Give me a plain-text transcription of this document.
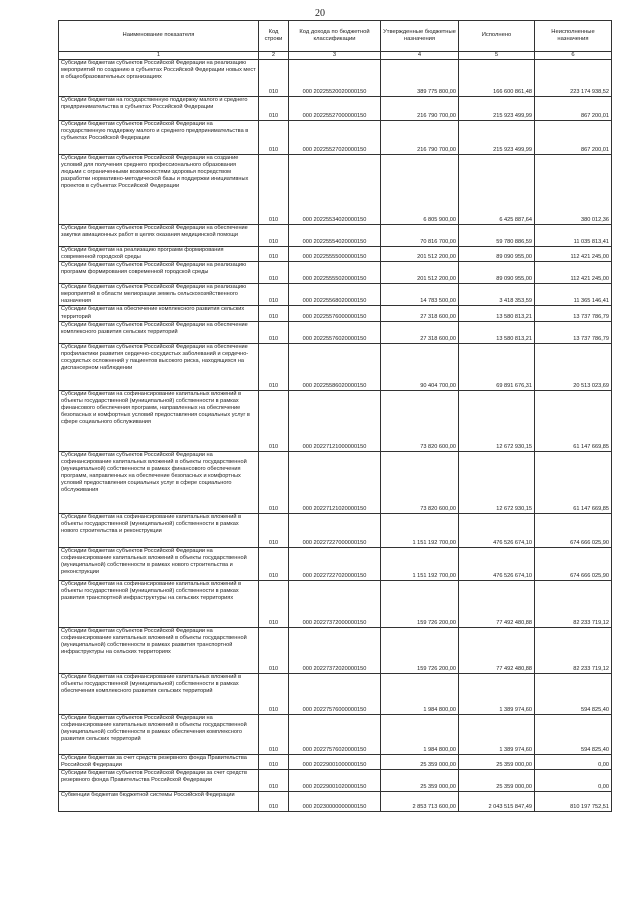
20
Наименование показателя	Код строки	Код дохода по бюджетной классификации	Утвержденные бюджетные назначения	Исполнено	Неисполненные назначения
1	2	3	4	5	6
Субсидии бюджетам субъектов Российской Федерации на реализацию мероприятий по созданию в субъектах Российской Федерации новых мест в общеобразовательных организациях	010	000 20225520020000150	389 775 800,00	166 600 861,48	223 174 938,52
Субсидии бюджетам на государственную поддержку малого и среднего предпринимательства в субъектах Российской Федерации	010	000 20225527000000150	216 790 700,00	215 923 499,99	867 200,01
Субсидии бюджетам субъектов Российской Федерации на государственную поддержку малого и среднего предпринимательства в субъектах Российской Федерации	010	000 20225527020000150	216 790 700,00	215 923 499,99	867 200,01
Субсидии бюджетам субъектов Российской Федерации на создание условий для получения среднего профессионального образования людьми с ограниченными возможностями здоровья посредством разработки нормативно-методической базы и поддержки инициативных проектов в субъектах Российской Федерации	010	000 20225534020000150	6 805 900,00	6 425 887,64	380 012,36
Субсидии бюджетам субъектов Российской Федерации на обеспечение закупки авиационных работ в целях оказания медицинской помощи	010	000 20225554020000150	70 816 700,00	59 780 886,59	11 035 813,41
Субсидии бюджетам на реализацию программ формирования современной городской среды	010	000 20225555000000150	201 512 200,00	89 090 955,00	112 421 245,00
Субсидии бюджетам субъектов Российской Федерации на реализацию программ формирования современной городской среды	010	000 20225555020000150	201 512 200,00	89 090 955,00	112 421 245,00
Субсидии бюджетам субъектов Российской Федерации на реализацию мероприятий в области мелиорации земель сельскохозяйственного назначения	010	000 20225568020000150	14 783 500,00	3 418 353,59	11 365 146,41
Субсидии бюджетам на обеспечение комплексного развития сельских территорий	010	000 20225576000000150	27 318 600,00	13 580 813,21	13 737 786,79
Субсидии бюджетам субъектов Российской Федерации на обеспечение комплексного развития сельских территорий	010	000 20225576020000150	27 318 600,00	13 580 813,21	13 737 786,79
Субсидии бюджетам субъектов Российской Федерации на обеспечение профилактики развития сердечно-сосудистых заболеваний и сердечно-сосудистых осложнений у пациентов высокого риска, находящихся на диспансерном наблюдении	010	000 20225586020000150	90 404 700,00	69 891 676,31	20 513 023,69
Субсидии бюджетам на софинансирование капитальных вложений в объекты государственной (муниципальной) собственности в рамках финансового обеспечения программ, направленных на обеспечение безопасных и комфортных условий предоставления социальных услуг в сфере социального обслуживания	010	000 20227121000000150	73 820 600,00	12 672 930,15	61 147 669,85
Субсидии бюджетам субъектов Российской Федерации на софинансирование капитальных вложений в объекты государственной (муниципальной) собственности в рамках финансового обеспечения программ, направленных на обеспечение безопасных и комфортных условий предоставления социальных услуг в сфере социального обслуживания	010	000 20227121020000150	73 820 600,00	12 672 930,15	61 147 669,85
Субсидии бюджетам на софинансирование капитальных вложений в объекты государственной (муниципальной) собственности в рамках нового строительства и реконструкции	010	000 20227227000000150	1 151 192 700,00	476 526 674,10	674 666 025,90
Субсидии бюджетам субъектов Российской Федерации на софинансирование капитальных вложений в объекты государственной (муниципальной) собственности в рамках нового строительства и реконструкции	010	000 20227227020000150	1 151 192 700,00	476 526 674,10	674 666 025,90
Субсидии бюджетам на софинансирование капитальных вложений в объекты государственной (муниципальной) собственности в рамках развития транспортной инфраструктуры на сельских территориях	010	000 20227372000000150	159 726 200,00	77 492 480,88	82 233 719,12
Субсидии бюджетам субъектов Российской Федерации на софинансирование капитальных вложений в объекты государственной (муниципальной) собственности в рамках развития транспортной инфраструктуры на сельских территориях	010	000 20227372020000150	159 726 200,00	77 492 480,88	82 233 719,12
Субсидии бюджетам на софинансирование капитальных вложений в объекты государственной (муниципальной) собственности в рамках обеспечения комплексного развития сельских территорий	010	000 20227576000000150	1 984 800,00	1 389 974,60	594 825,40
Субсидии бюджетам субъектов Российской Федерации на софинансирование капитальных вложений в объекты государственной (муниципальной) собственности в рамках обеспечения комплексного развития сельских территорий	010	000 20227576020000150	1 984 800,00	1 389 974,60	594 825,40
Субсидии бюджетам за счет средств резервного фонда Правительства Российской Федерации	010	000 20229001000000150	25 359 000,00	25 359 000,00	0,00
Субсидии бюджетам субъектов Российской Федерации за счет средств резервного фонда Правительства Российской Федерации	010	000 20229001020000150	25 359 000,00	25 359 000,00	0,00
Субвенции бюджетам бюджетной системы Российской Федерации	010	000 20230000000000150	2 853 713 600,00	2 043 515 847,49	810 197 752,51
